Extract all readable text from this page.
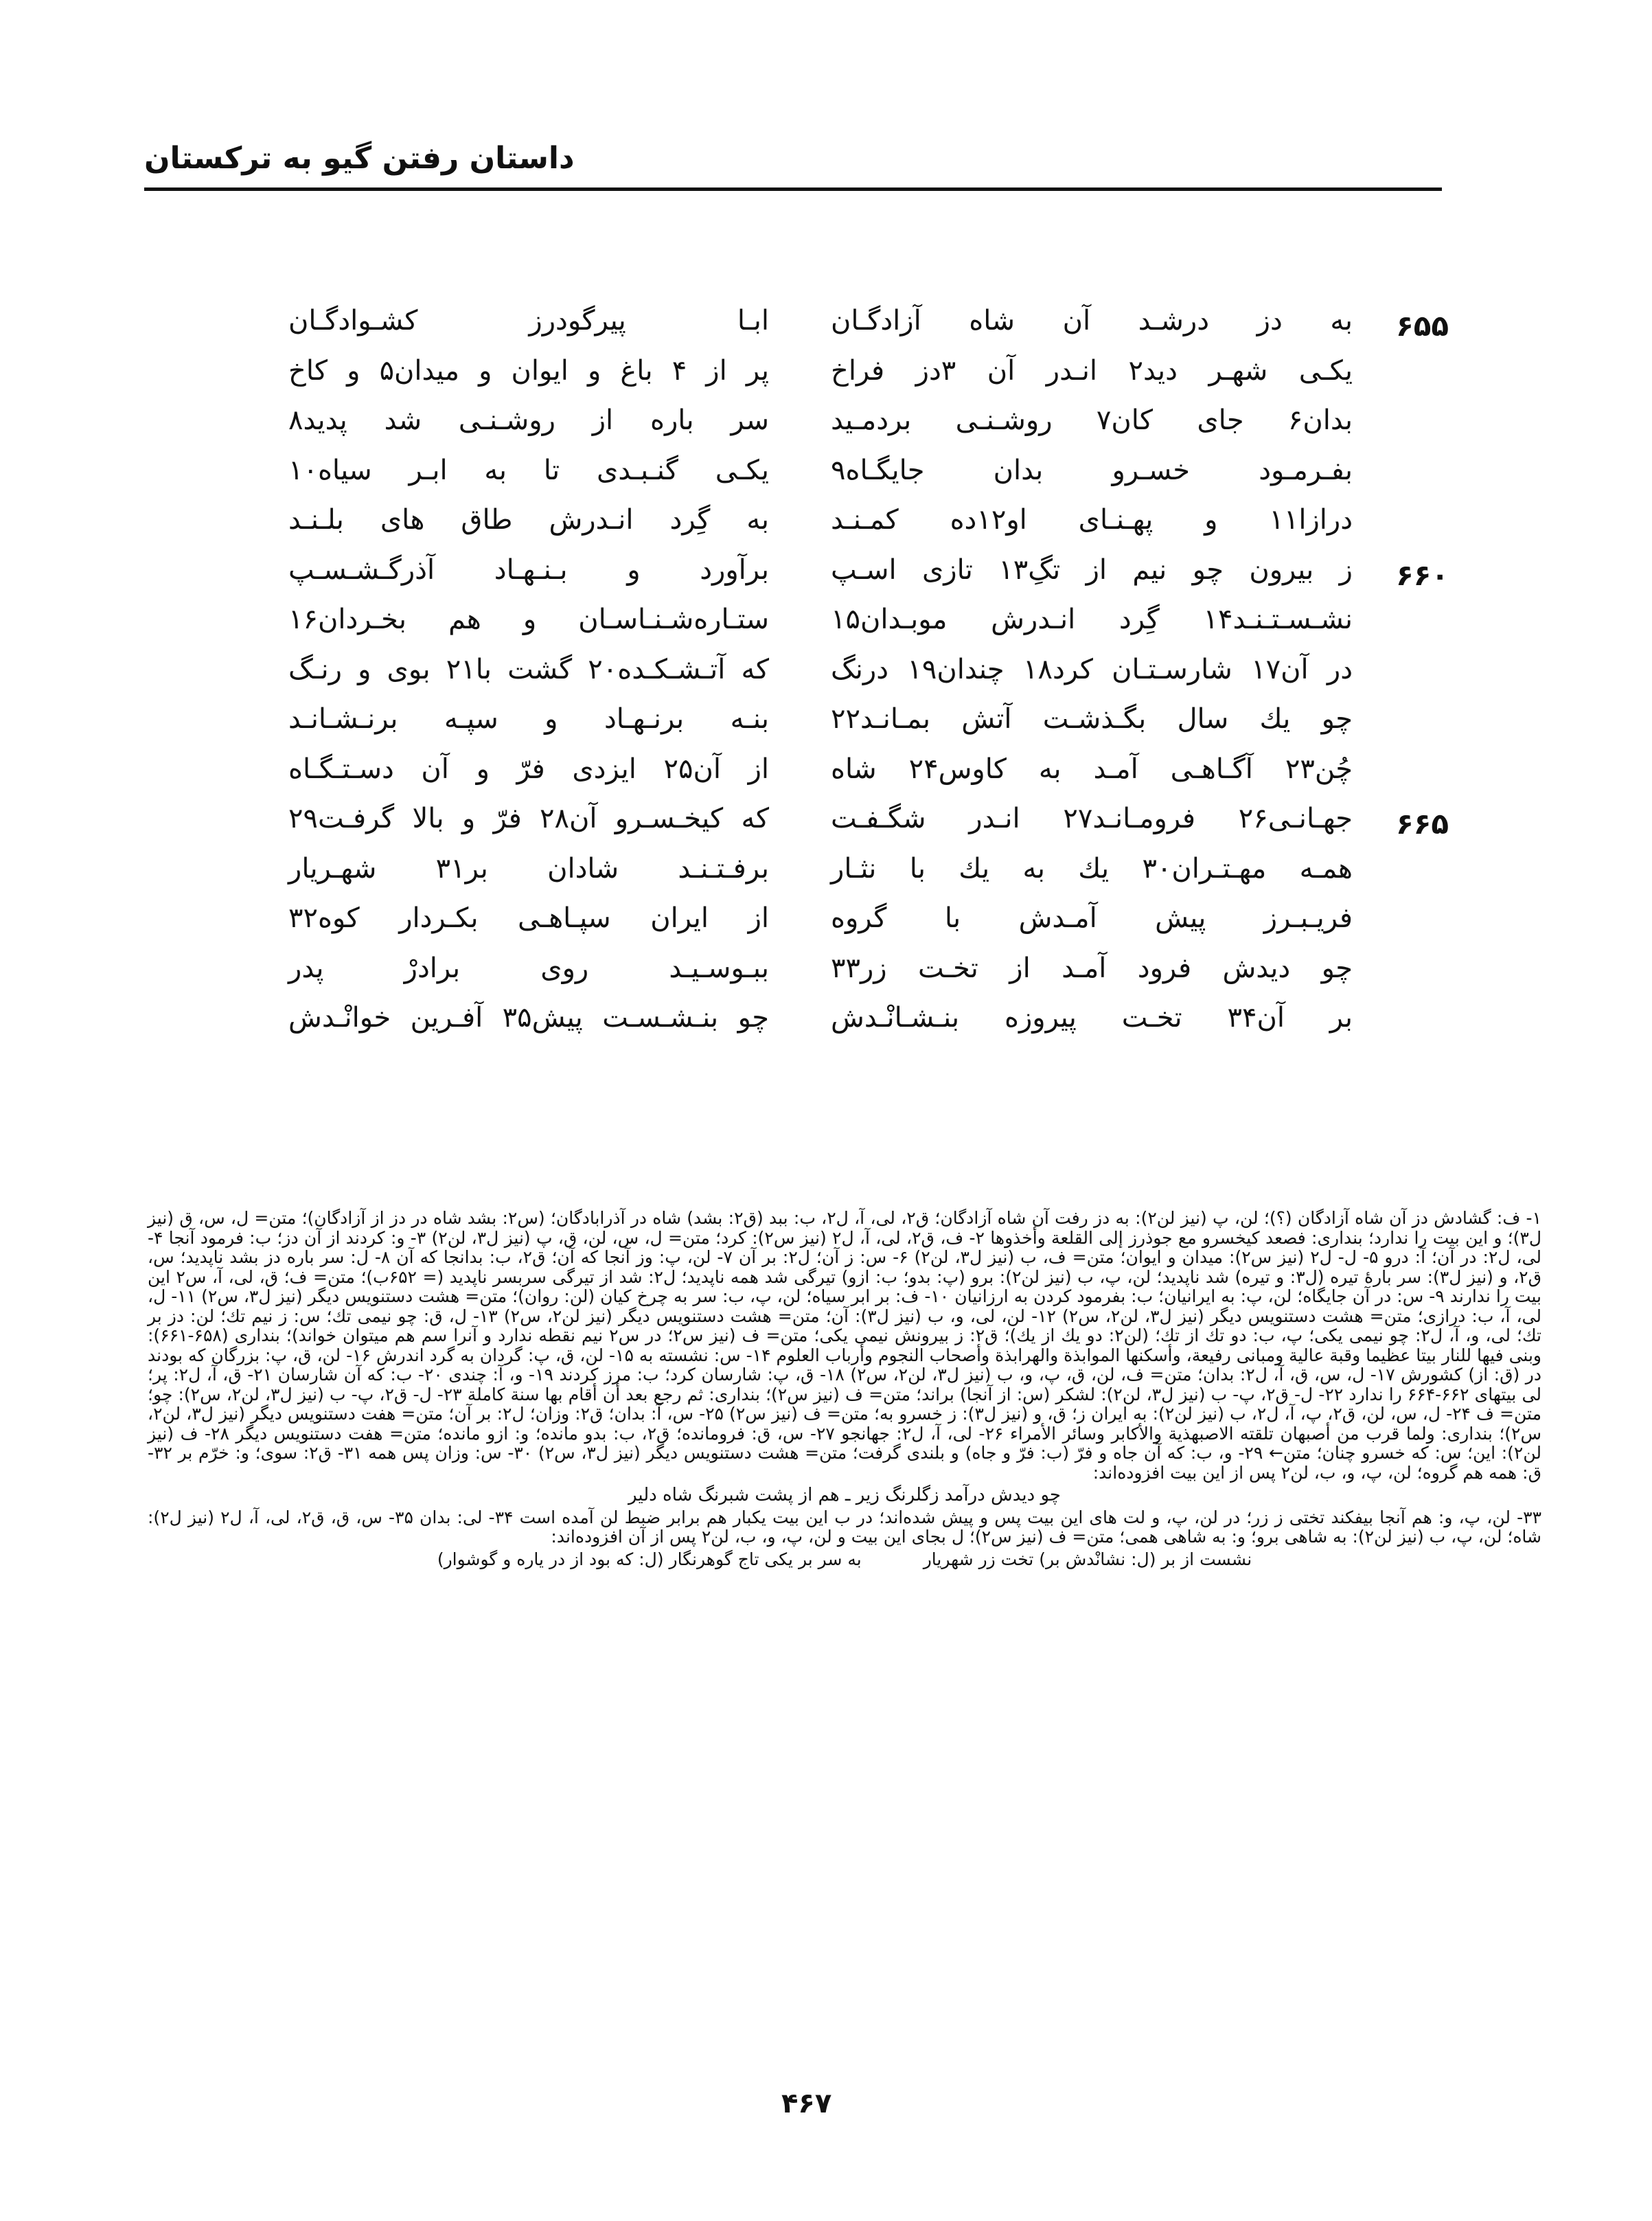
داستان رفتن گیو به ترکستان
۶۵۵
به دز درشـد آن شاه آزادگـان
ابـا پیرگودرز کشـوادگـان
یکـی شهـر دید۲ انـدر آن ۳دز فراخ
پر از ۴ باغ و ایوان و میدان۵ و کاخ
بدان۶ جای کان۷ روشـنـی بردمـید
سر باره از روشـنـی شد پدید۸
بفـرمـود خسـرو بدان جایگـاه۹
یکـی گنـبـدی تا به ابـر سیاه۱۰
درازا۱۱ و پهـنـای او۱۲ده کمـنـد
به گِرد انـدرش طاق های بلـنـد
۶۶۰
ز بیرون چو نیم از تگِ۱۳ تازی اسـپ
برآورد و بـنـهـاد آذرگـشـسـپ
نشـسـتـنـد۱۴ گِرد انـدرش موبـدان۱۵
ستـاره‌شـنـاسـان و هم بخـردان۱۶
در آن۱۷ شارسـتـان کرد۱۸ چندان۱۹ درنگ
که آتـشـکـده۲۰ گشت با۲۱ بوی و رنـگ
چو یك سال بگـذشـت آتش بمـانـد۲۲
بنـه برنـهـاد و سپـه برنـشـانـد
چُن۲۳ آگـاهـی آمـد به کاوس۲۴ شاه
از آن۲۵ ایزدی فرّ و آن دسـتـگـاه
۶۶۵
جهـانـی۲۶ فرومـانـد۲۷ انـدر شگـفـت
که کیخـسـرو آن۲۸ فرّ و بالا گرفـت۲۹
همـه مهـتـران۳۰ یك به یك با نثـار
برفـتـنـد شادان بر۳۱ شهـریار
فریـبـرز پیش آمـدش با گروه
از ایران سپـاهـی بکـردار کوه۳۲
چو دیدش فرود آمـد از تخـت زر۳۳
ببـوسـیـد روی برادرْ پدر
بر آن۳۴ تخـت پیروزه بنـشـانْـدش
چو بنـشـسـت پیش۳۵ آفـرین خوانْـدش

۱- ف: گشادش دز آن شاه آزادگان (؟)؛ لن، پ (نیز لن۲): به دز رفت آن شاه آزادگان؛ ق۲، لی، آ، ل۲، ب: ببد (ق۲: بشد) شاه در آذرابادگان؛ (س۲: بشد شاه در دز از آزادگان)؛ متن= ل، س، ق (نیز ل۳)؛ و این بیت را ندارد؛ بنداری: فصعد کیخسرو مع جوذرز إلی القلعة وأخذوها ۲- ف، ق۲، لی، آ، ل۲ (نیز س۲): کرد؛ متن= ل، س، لن، ق، پ (نیز ل۳، لن۲) ۳- و: کردند از آن دز؛ ب: فرمود آنجا ۴- لی، ل۲: در آن؛ آ: درو ۵- ل- ل۲ (نیز س۲): میدان و ایوان؛ متن= ف، ب (نیز ل۳، لن۲) ۶- س: ز آن؛ ل۲: بر آن ۷- لن، پ: وز آنجا که آن؛ ق۲، ب: بدانجا که آن ۸- ل: سر باره دز بشد ناپدید؛ س، ق۲، و (نیز ل۳): سر بارهٔ تیره (ل۳: و تیره) شد ناپدید؛ لن، پ، ب (نیز لن۲): برو (پ: بدو؛ ب: ازو) تیرگی شد همه ناپدید؛ ل۲: شد از تیرگی سربسر ناپدید (= ۶۵۲ب)؛ متن= ف؛ ق، لی، آ، س۲ این بیت را ندارند ۹- س: در آن جایگاه؛ لن، پ: به ایرانیان؛ ب: بفرمود کردن به ارزانیان ۱۰- ف: بر ابر سیاه؛ لن، پ، ب: سر به چرخ کیان (لن: روان)؛ متن= هشت دستنویس دیگر (نیز ل۳، س۲) ۱۱- ل، لی، آ، ب: درازی؛ متن= هشت دستنویس دیگر (نیز ل۳، لن۲، س۲) ۱۲- لن، لی، و، ب (نیز ل۳): آن؛ متن= هشت دستنویس دیگر (نیز لن۲، س۲) ۱۳- ل، ق: چو نیمی تك؛ س: ز نیم تك؛ لن: دز بر تك؛ لی، و، آ، ل۲: چو نیمی یکی؛ پ، ب: دو تك از تك؛ (لن۲: دو یك از یك)؛ ق۲: ز بیرونش نیمی یکی؛ متن= ف (نیز س۲؛ در س۲ نیم نقطه ندارد و آنرا سم هم میتوان خواند)؛ بنداری (۶۵۸-۶۶۱): وبنی فیها للنار بیتا عظیما وقبة عالیة ومبانی رفیعة، وأسکنها الموابذة والهرابذة وأصحاب النجوم وأرباب العلوم ۱۴- س: نشسته به ۱۵- لن، ق، پ: گردان به گرد اندرش ۱۶- لن، ق، پ: بزرگان که بودند در (ق: از) کشورش ۱۷- ل، س، ق، آ، ل۲: بدان؛ متن= ف، لن، ق، پ، و، ب (نیز ل۳، لن۲، س۲) ۱۸- ق، پ: شارسان کرد؛ ب: مرز کردند ۱۹- و، آ: چندی ۲۰- ب: که آن شارسان ۲۱- ق، آ، ل۲: پر؛ لی بیتهای ۶۶۲-۶۶۴ را ندارد ۲۲- ل- ق۲، پ- ب (نیز ل۳، لن۲): لشکر (س: از آنجا) براند؛ متن= ف (نیز س۲)؛ بنداری: ثم رجع بعد أن أقام بها سنة کاملة ۲۳- ل- ق۲، پ- ب (نیز ل۳، لن۲، س۲): چو؛ متن= ف ۲۴- ل، س، لن، ق۲، پ، آ، ل۲، ب (نیز لن۲): به ایران ز؛ ق، و (نیز ل۳): ز خسرو به؛ متن= ف (نیز س۲) ۲۵- س، آ: بدان؛ ق۲: وزان؛ ل۲: بر آن؛ متن= هفت دستنویس دیگر (نیز ل۳، لن۲، س۲)؛ بنداری: ولما قرب من أصبهان تلقته الاصبهذیة والأکابر وسائر الأمراء ۲۶- لی، آ، ل۲: جهانجو ۲۷- س، ق: فرومانده؛ ق۲، ب: بدو مانده؛ و: ازو مانده؛ متن= هفت دستنویس دیگر ۲۸- ف (نیز لن۲): این؛ س: که خسرو چنان؛ متن← ۲۹- و، ب: که آن جاه و فرّ (ب: فرّ و جاه) و بلندی گرفت؛ متن= هشت دستنویس دیگر (نیز ل۳، س۲) ۳۰- س: وزان پس همه ۳۱- ق۲: سوی؛ و: خرّم بر ۳۲- ق: همه هم گروه؛ لن، پ، و، ب، لن۲ پس از این بیت افزوده‌اند:

چو دیدش درآمد زگلرنگ زیر ـ هم از پشت شبرنگ شاه دلیر

۳۳- لن، پ، و: هم آنجا بیفکند تختی ز زر؛ در لن، پ، و لت های این بیت پس و پیش شده‌اند؛ در ب این بیت یکبار هم برابر ضبط لن آمده است ۳۴- لی: بدان ۳۵- س، ق، ق۲، لی، آ، ل۲ (نیز ل۲): شاه؛ لن، پ، ب (نیز لن۲): به شاهی برو؛ و: به شاهی همی؛ متن= ف (نیز س۲)؛ ل بجای این بیت و لن، پ، و، ب، لن۲ پس از آن افزوده‌اند:

نشست از بر (ل: نشانْدش بر) تخت زر شهریار
به سر بر یکی تاج گوهرنگار (ل: که بود از در یاره و گوشوار)
۴۶۷
